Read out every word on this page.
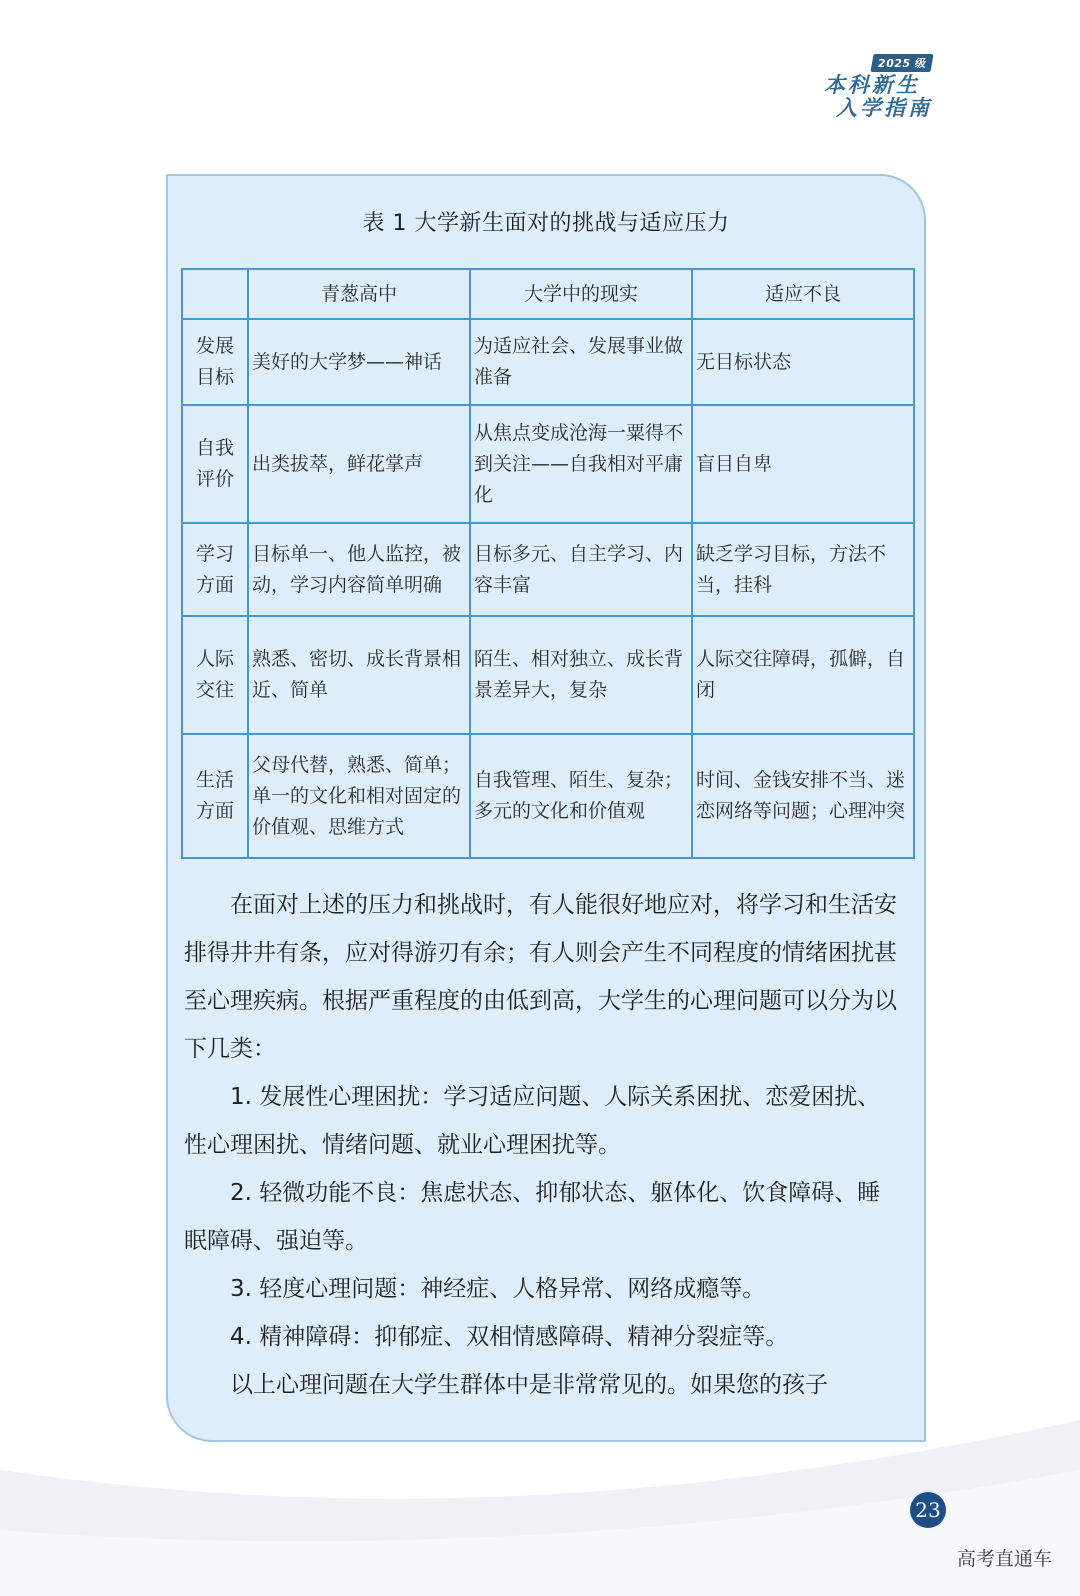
2025 级
本科新生
入学指南
表 1 大学新生面对的挑战与适应压力
	青葱高中	大学中的现实	适应不良

发展
目标	美好的大学梦——神话	为适应社会、发展事业做准备	无目标状态

自我
评价	出类拔萃，鲜花掌声	从焦点变成沧海一粟得不到关注——自我相对平庸化	盲目自卑

学习
方面	目标单一、他人监控，被动，学习内容简单明确	目标多元、自主学习、内容丰富	缺乏学习目标，方法不当，挂科

人际
交往	熟悉、密切、成长背景相近、简单	陌生、相对独立、成长背景差异大，复杂	人际交往障碍，孤僻，自闭

生活
方面	父母代替，熟悉、简单；单一的文化和相对固定的价值观、思维方式	自我管理、陌生、复杂；多元的文化和价值观	时间、金钱安排不当、迷恋网络等问题；心理冲突

在面对上述的压力和挑战时，有人能很好地应对，将学习和生活安排得井井有条，应对得游刃有余；有人则会产生不同程度的情绪困扰甚至心理疾病。根据严重程度的由低到高，大学生的心理问题可以分为以下几类：

1. 发展性心理困扰：学习适应问题、人际关系困扰、恋爱困扰、性心理困扰、情绪问题、就业心理困扰等。

2. 轻微功能不良：焦虑状态、抑郁状态、躯体化、饮食障碍、睡眠障碍、强迫等。

3. 轻度心理问题：神经症、人格异常、网络成瘾等。

4. 精神障碍：抑郁症、双相情感障碍、精神分裂症等。

以上心理问题在大学生群体中是非常常见的。如果您的孩子

23
高考直通车
